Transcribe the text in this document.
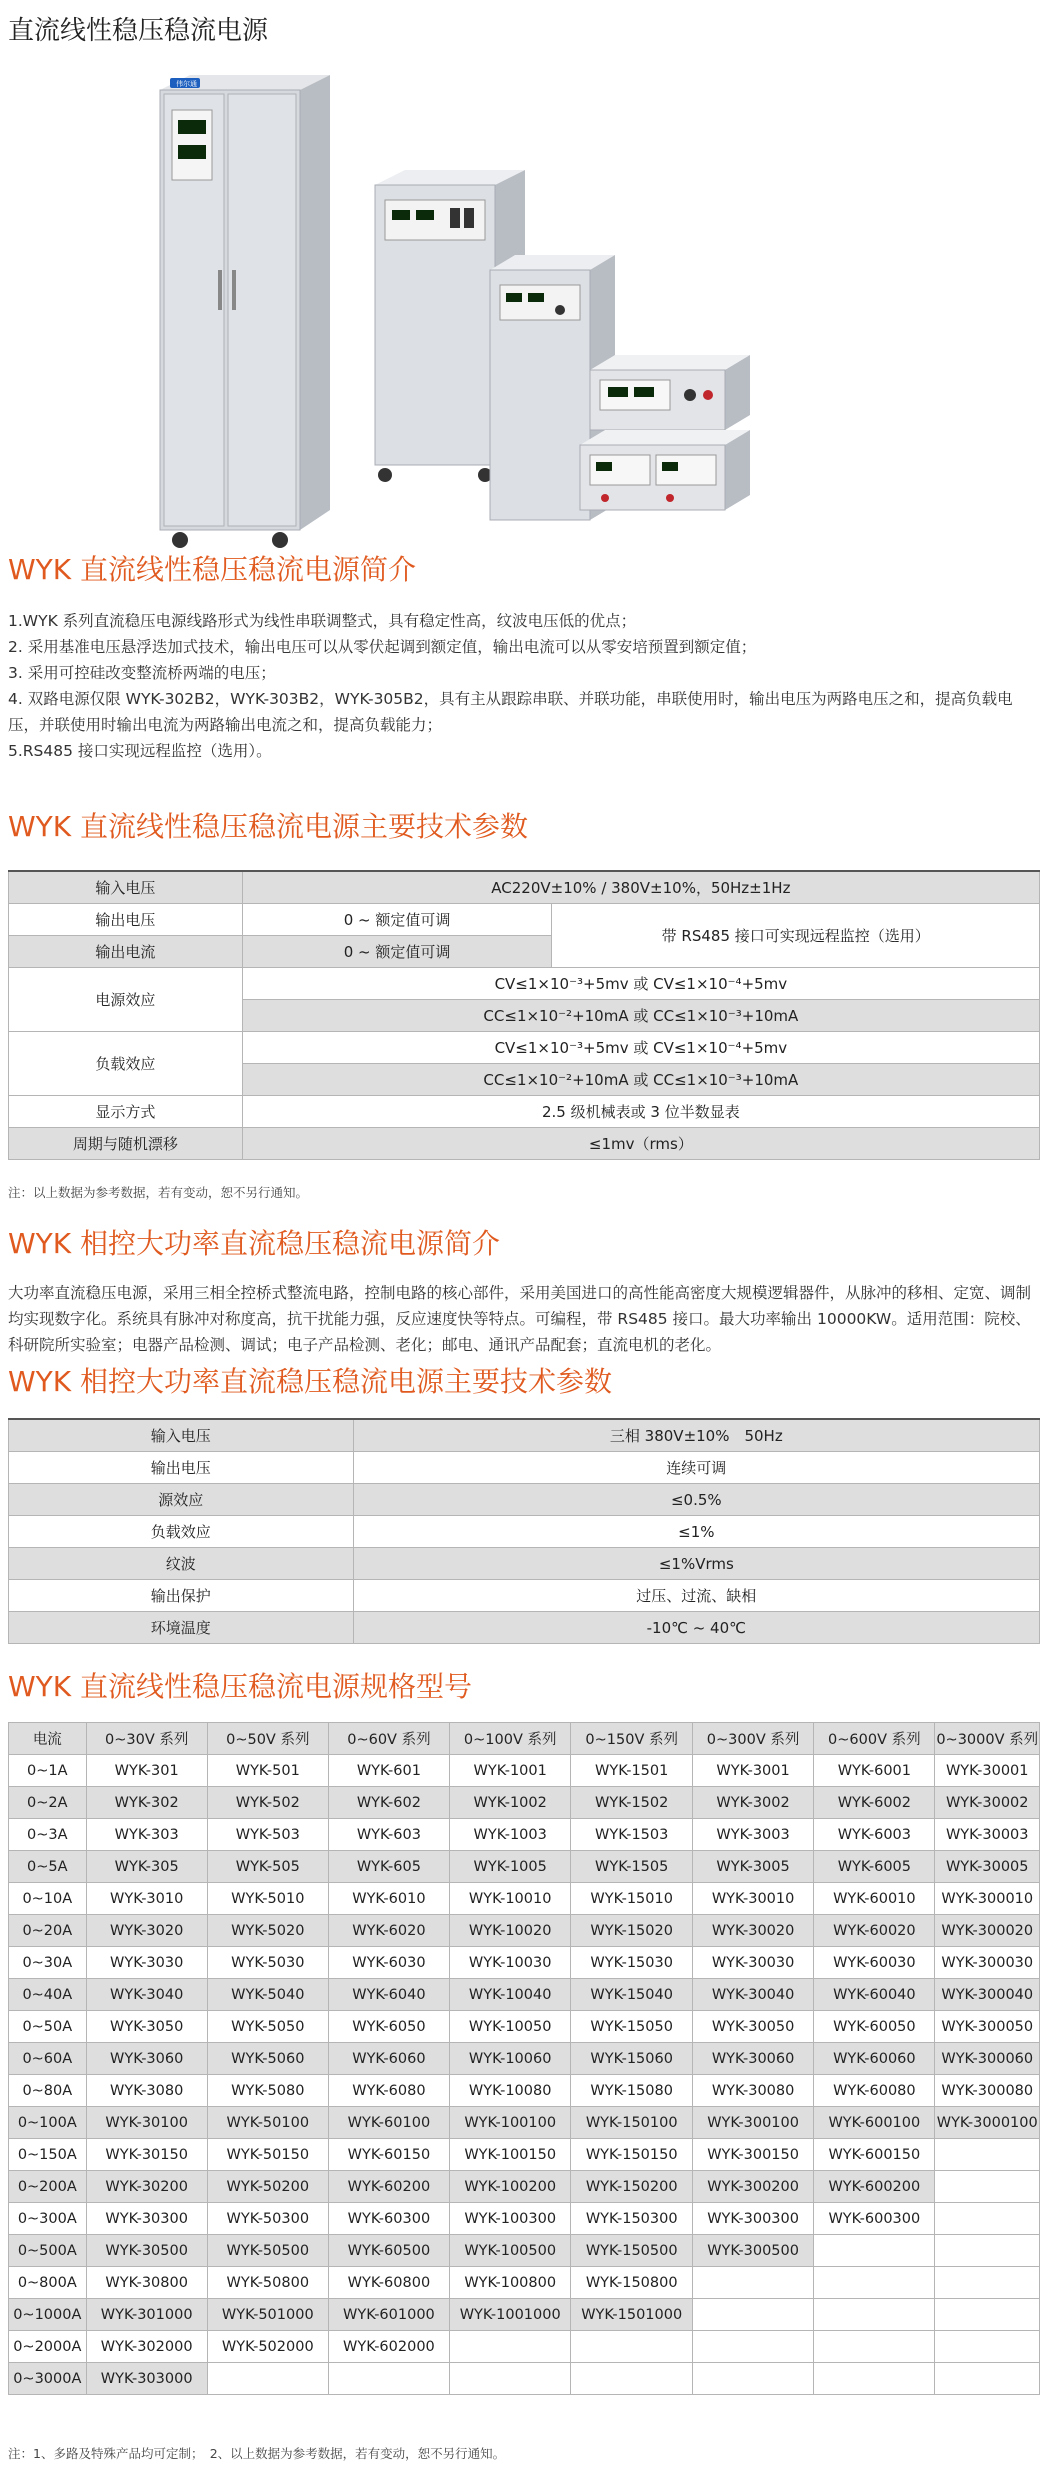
直流线性稳压稳流电源
伟尔通
WYK 直流线性稳压稳流电源简介
1.WYK 系列直流稳压电源线路形式为线性串联调整式，具有稳定性高，纹波电压低的优点；
2. 采用基准电压悬浮迭加式技术，输出电压可以从零伏起调到额定值，输出电流可以从零安培预置到额定值；
3. 采用可控硅改变整流桥两端的电压；
4. 双路电源仅限 WYK-302B2，WYK-303B2，WYK-305B2，具有主从跟踪串联、并联功能，串联使用时，输出电压为两路电压之和，提高负载电压，并联使用时输出电流为两路输出电流之和，提高负载能力；
5.RS485 接口实现远程监控（选用）。
WYK 直流线性稳压稳流电源主要技术参数
输入电压	AC220V±10% / 380V±10%，50Hz±1Hz	
输出电压	0 ~ 额定值可调	带 RS485 接口可实现远程监控（选用）
输出电流	0 ~ 额定值可调	
电源效应	CV≤1×10⁻³+5mv 或 CV≤1×10⁻⁴+5mv	
	CC≤1×10⁻²+10mA 或 CC≤1×10⁻³+10mA	
负载效应	CV≤1×10⁻³+5mv 或 CV≤1×10⁻⁴+5mv	
	CC≤1×10⁻²+10mA 或 CC≤1×10⁻³+10mA	
显示方式	2.5 级机械表或 3 位半数显表	
周期与随机漂移	≤1mv（rms）	
注：以上数据为参考数据，若有变动，恕不另行通知。
WYK 相控大功率直流稳压稳流电源简介
大功率直流稳压电源，采用三相全控桥式整流电路，控制电路的核心部件，采用美国进口的高性能高密度大规模逻辑器件，从脉冲的移相、定宽、调制均实现数字化。系统具有脉冲对称度高，抗干扰能力强，反应速度快等特点。可编程，带 RS485 接口。最大功率输出 10000KW。适用范围：院校、科研院所实验室；电器产品检测、调试；电子产品检测、老化；邮电、通讯产品配套；直流电机的老化。
WYK 相控大功率直流稳压稳流电源主要技术参数
输入电压	三相 380V±10%　50Hz
输出电压	连续可调
源效应	≤0.5%
负载效应	≤1%
纹波	≤1%Vrms
输出保护	过压、过流、缺相
环境温度	-10℃ ~ 40℃
WYK 直流线性稳压稳流电源规格型号
电流	0~30V 系列	0~50V 系列	0~60V 系列	0~100V 系列	0~150V 系列	0~300V 系列	0~600V 系列	0~3000V 系列
0~1A	WYK-301	WYK-501	WYK-601	WYK-1001	WYK-1501	WYK-3001	WYK-6001	WYK-30001
0~2A	WYK-302	WYK-502	WYK-602	WYK-1002	WYK-1502	WYK-3002	WYK-6002	WYK-30002
0~3A	WYK-303	WYK-503	WYK-603	WYK-1003	WYK-1503	WYK-3003	WYK-6003	WYK-30003
0~5A	WYK-305	WYK-505	WYK-605	WYK-1005	WYK-1505	WYK-3005	WYK-6005	WYK-30005
0~10A	WYK-3010	WYK-5010	WYK-6010	WYK-10010	WYK-15010	WYK-30010	WYK-60010	WYK-300010
0~20A	WYK-3020	WYK-5020	WYK-6020	WYK-10020	WYK-15020	WYK-30020	WYK-60020	WYK-300020
0~30A	WYK-3030	WYK-5030	WYK-6030	WYK-10030	WYK-15030	WYK-30030	WYK-60030	WYK-300030
0~40A	WYK-3040	WYK-5040	WYK-6040	WYK-10040	WYK-15040	WYK-30040	WYK-60040	WYK-300040
0~50A	WYK-3050	WYK-5050	WYK-6050	WYK-10050	WYK-15050	WYK-30050	WYK-60050	WYK-300050
0~60A	WYK-3060	WYK-5060	WYK-6060	WYK-10060	WYK-15060	WYK-30060	WYK-60060	WYK-300060
0~80A	WYK-3080	WYK-5080	WYK-6080	WYK-10080	WYK-15080	WYK-30080	WYK-60080	WYK-300080
0~100A	WYK-30100	WYK-50100	WYK-60100	WYK-100100	WYK-150100	WYK-300100	WYK-600100	WYK-3000100
0~150A	WYK-30150	WYK-50150	WYK-60150	WYK-100150	WYK-150150	WYK-300150	WYK-600150	
0~200A	WYK-30200	WYK-50200	WYK-60200	WYK-100200	WYK-150200	WYK-300200	WYK-600200	
0~300A	WYK-30300	WYK-50300	WYK-60300	WYK-100300	WYK-150300	WYK-300300	WYK-600300	
0~500A	WYK-30500	WYK-50500	WYK-60500	WYK-100500	WYK-150500	WYK-300500		
0~800A	WYK-30800	WYK-50800	WYK-60800	WYK-100800	WYK-150800			
0~1000A	WYK-301000	WYK-501000	WYK-601000	WYK-1001000	WYK-1501000			
0~2000A	WYK-302000	WYK-502000	WYK-602000					
0~3000A	WYK-303000							
注：1、多路及特殊产品均可定制；　2、以上数据为参考数据，若有变动，恕不另行通知。
